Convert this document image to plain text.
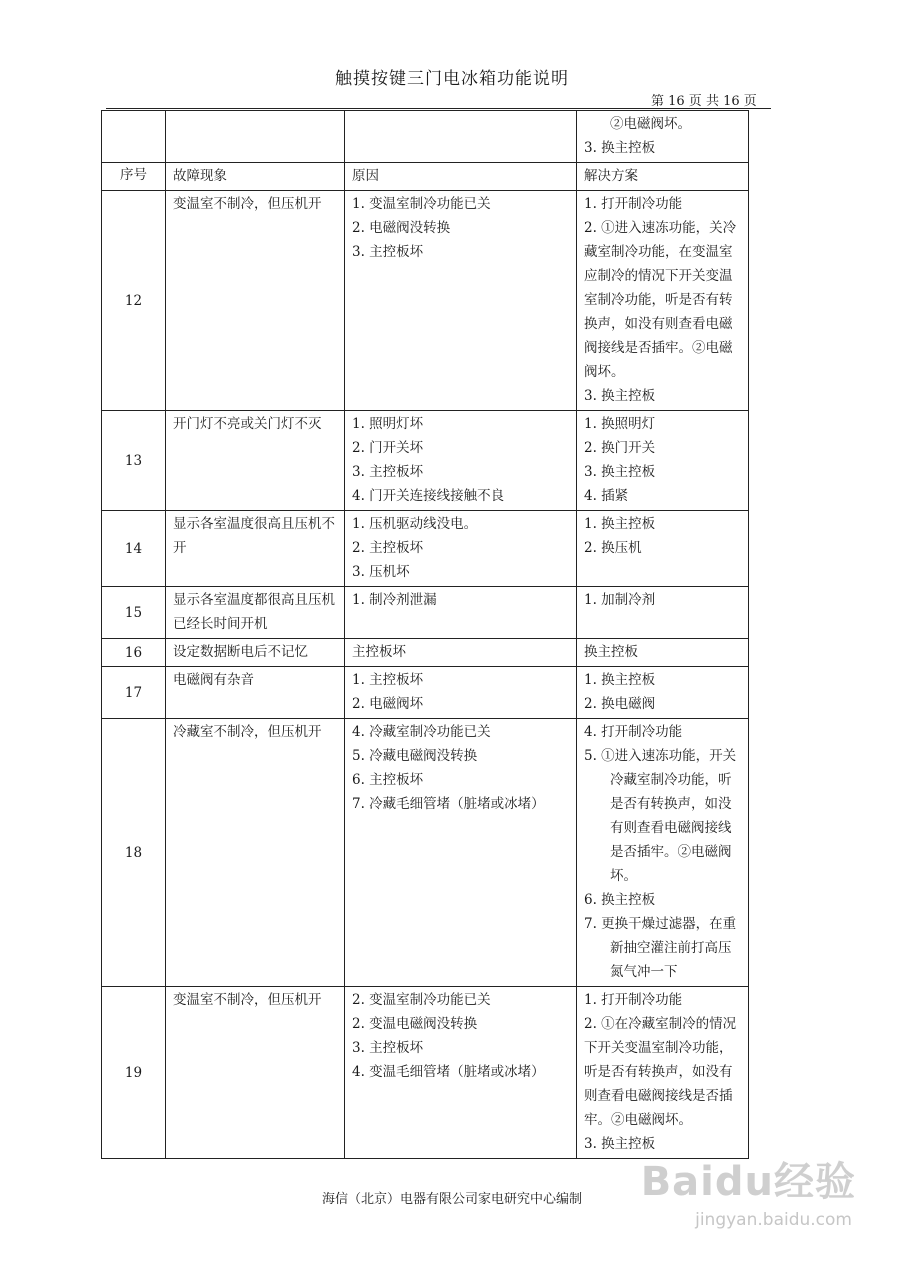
触摸按键三门电冰箱功能说明
第 16 页 共 16 页

			②电磁阀坏。
3. 换主控板

序号	故障现象	原因	解决方案
12	变温室不制冷，但压机开	1. 变温室制冷功能已关
2. 电磁阀没转换
3. 主控板坏	1. 打开制冷功能
2. ①进入速冻功能，关冷藏室制冷功能，在变温室应制冷的情况下开关变温室制冷功能，听是否有转换声，如没有则查看电磁阀接线是否插牢。②电磁阀坏。
3. 换主控板

13	开门灯不亮或关门灯不灭	1. 照明灯坏
2. 门开关坏
3. 主控板坏
4. 门开关连接线接触不良	1. 换照明灯
2. 换门开关
3. 换主控板
4. 插紧

14	显示各室温度很高且压机不开	1. 压机驱动线没电。
2. 主控板坏
3. 压机坏	1. 换主控板
2. 换压机

15	显示各室温度都很高且压机已经长时间开机	1. 制冷剂泄漏	1. 加制冷剂

16	设定数据断电后不记忆	主控板坏	换主控板

17	电磁阀有杂音	1. 主控板坏
2. 电磁阀坏	1. 换主控板
2. 换电磁阀

18	冷藏室不制冷，但压机开	4. 冷藏室制冷功能已关
5. 冷藏电磁阀没转换
6. 主控板坏
7. 冷藏毛细管堵（脏堵或冰堵）	4. 打开制冷功能
5. ①进入速冻功能，开关冷藏室制冷功能，听是否有转换声，如没有则查看电磁阀接线是否插牢。②电磁阀坏。
6. 换主控板
7. 更换干燥过滤器，在重新抽空灌注前打高压氮气冲一下

19	变温室不制冷，但压机开	2. 变温室制冷功能已关
2. 变温电磁阀没转换
3. 主控板坏
4. 变温毛细管堵（脏堵或冰堵）	1. 打开制冷功能
2. ①在冷藏室制冷的情况下开关变温室制冷功能，听是否有转换声，如没有则查看电磁阀接线是否插牢。②电磁阀坏。
3. 换主控板
海信（北京）电器有限公司家电研究中心编制	Baidu经验
jingyan.baidu.com
